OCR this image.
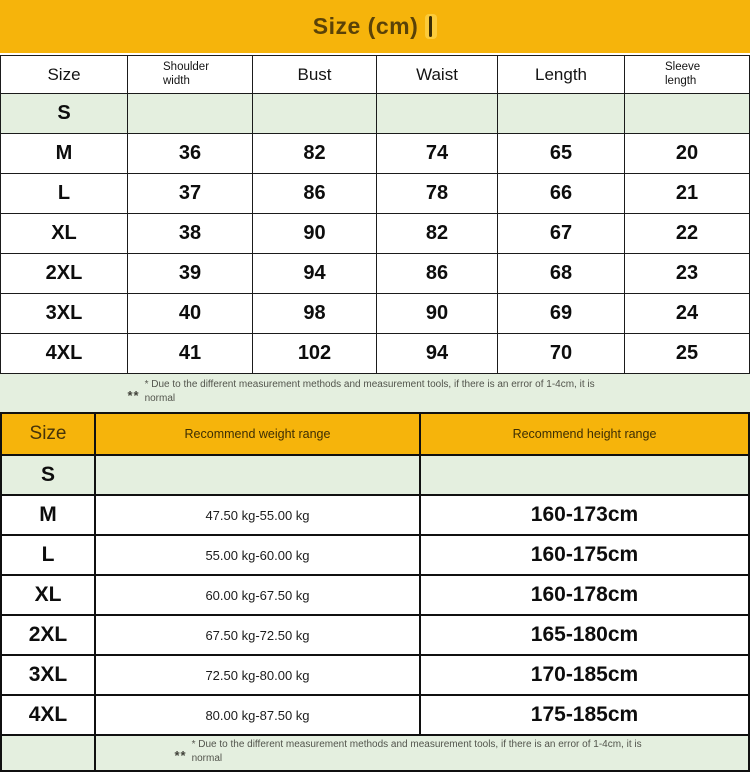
Size (cm)
Size	Shoulder width	Bust	Waist	Length	Sleeve length
S
M	36	82	74	65	20
L	37	86	78	66	21
XL	38	90	82	67	22
2XL	39	94	86	68	23
3XL	40	98	90	69	24
4XL	41	102	94	70	25
**
* Due to the different measurement methods and measurement tools, if there is an error of 1-4cm, it is normal
Size	Recommend weight range	Recommend height range
S
M	47.50 kg-55.00 kg	160-173cm
L	55.00 kg-60.00 kg	160-175cm
XL	60.00 kg-67.50 kg	160-178cm
2XL	67.50 kg-72.50 kg	165-180cm
3XL	72.50 kg-80.00 kg	170-185cm
4XL	80.00 kg-87.50 kg	175-185cm
**
* Due to the different measurement methods and measurement tools, if there is an error of 1-4cm, it is normal
